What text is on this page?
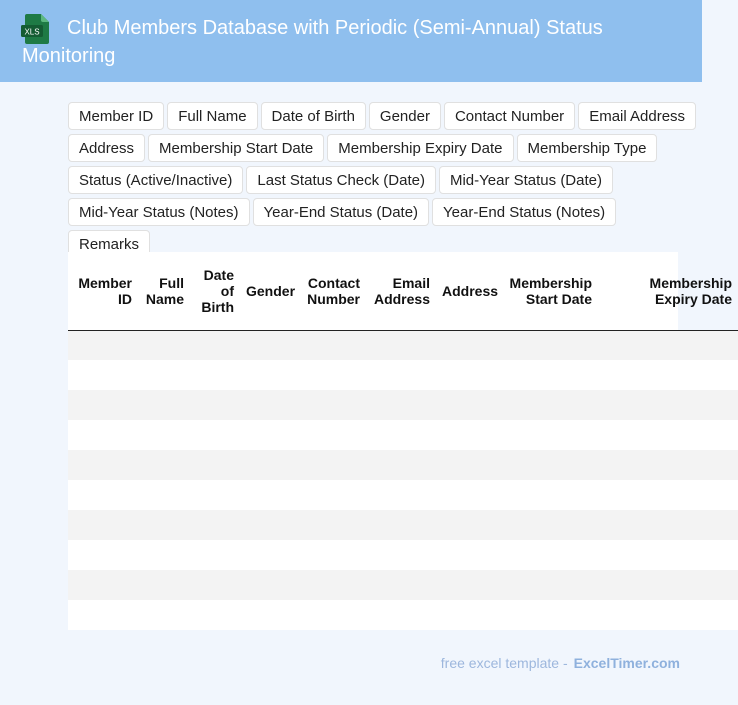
XLS	Club Members Database with Periodic (Semi-Annual) Status Monitoring
Member ID	Full Name	Date of Birth	Gender	Contact Number	Email Address
Address	Membership Start Date	Membership Expiry Date	Membership Type
Status (Active/Inactive)	Last Status Check (Date)	Mid-Year Status (Date)
Mid-Year Status (Notes)	Year-End Status (Date)	Year-End Status (Notes)
Remarks
Member ID	Full Name	Date of Birth	Gender	Contact Number	Email Address	Address	Membership Start Date	Membership Expiry Date

free excel template - ExcelTimer.com
